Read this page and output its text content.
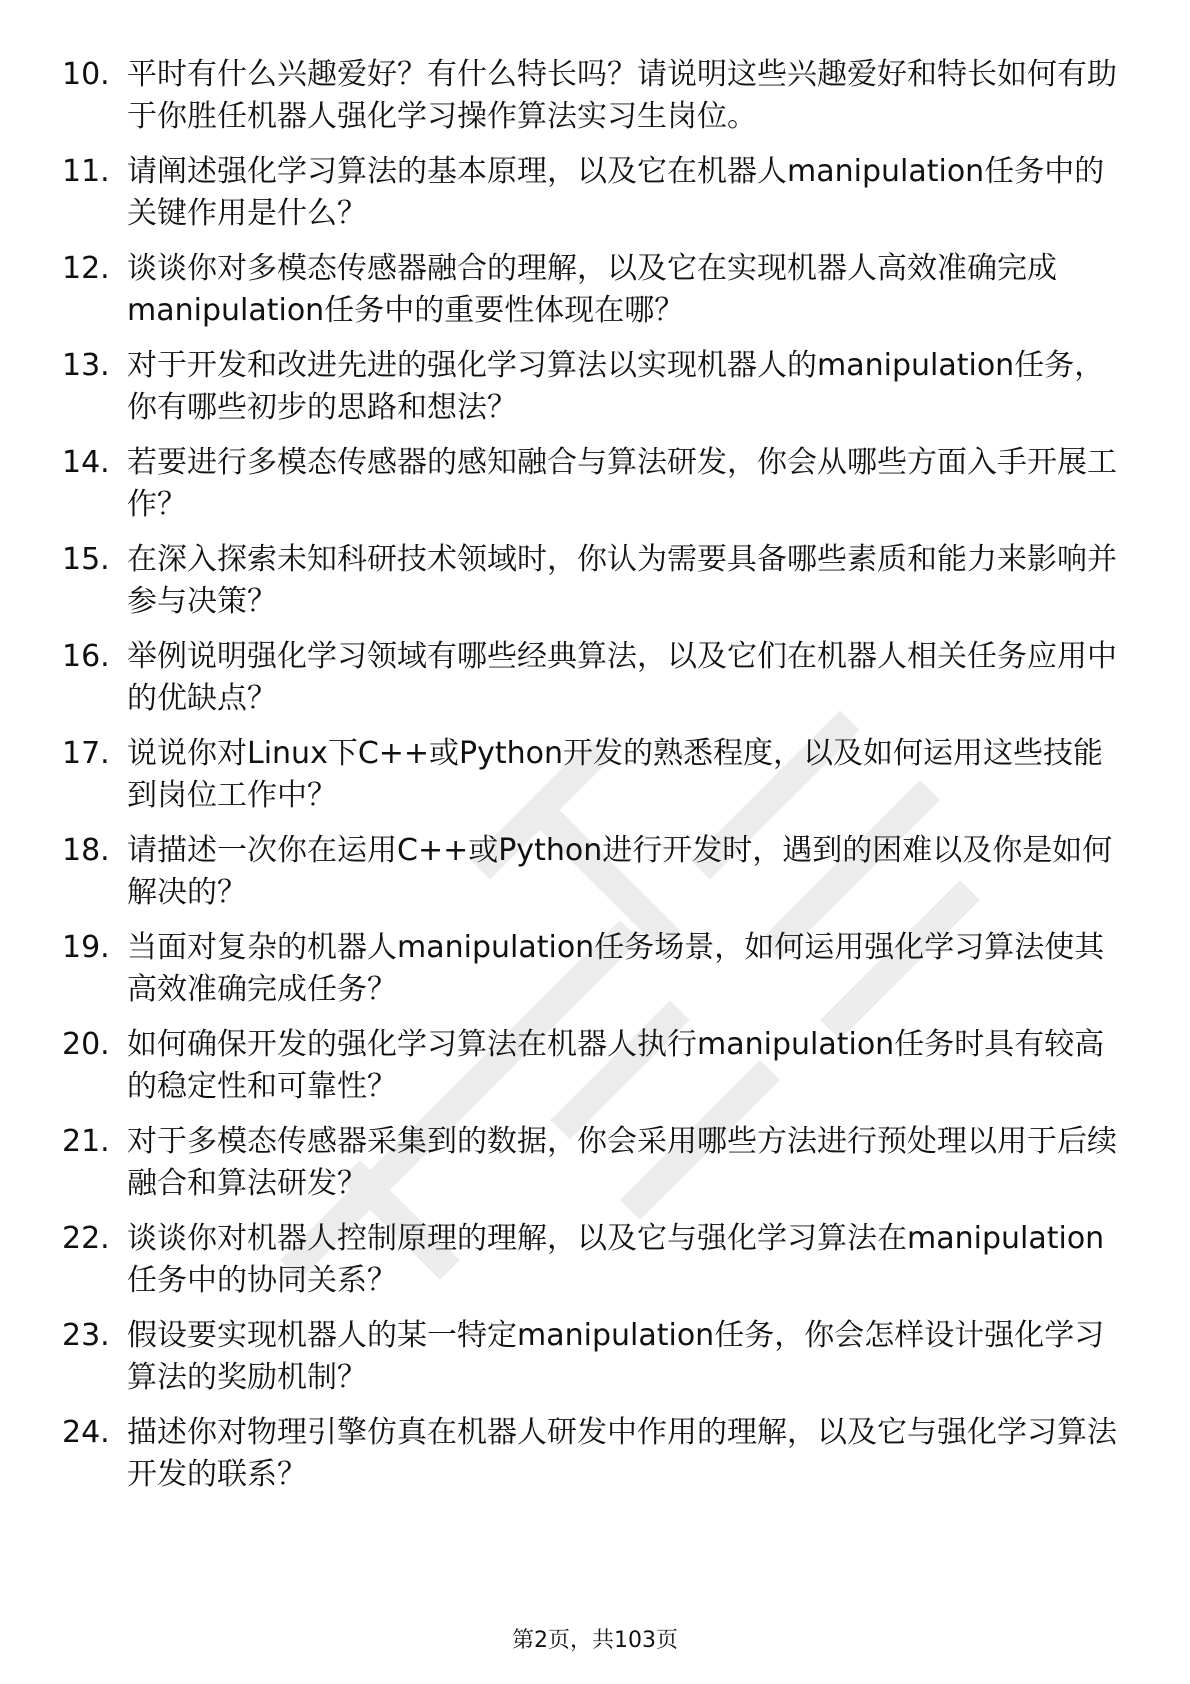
10. 平时有什么兴趣爱好？有什么特长吗？请说明这些兴趣爱好和特长如何有助于你胜任机器人强化学习操作算法实习生岗位。
11. 请阐述强化学习算法的基本原理，以及它在机器人manipulation任务中的关键作用是什么？
12. 谈谈你对多模态传感器融合的理解，以及它在实现机器人高效准确完成manipulation任务中的重要性体现在哪？
13. 对于开发和改进先进的强化学习算法以实现机器人的manipulation任务，你有哪些初步的思路和想法？
14. 若要进行多模态传感器的感知融合与算法研发，你会从哪些方面入手开展工作？
15. 在深入探索未知科研技术领域时，你认为需要具备哪些素质和能力来影响并参与决策？
16. 举例说明强化学习领域有哪些经典算法，以及它们在机器人相关任务应用中的优缺点？
17. 说说你对Linux下C++或Python开发的熟悉程度，以及如何运用这些技能到岗位工作中？
18. 请描述一次你在运用C++或Python进行开发时，遇到的困难以及你是如何解决的？
19. 当面对复杂的机器人manipulation任务场景，如何运用强化学习算法使其高效准确完成任务？
20. 如何确保开发的强化学习算法在机器人执行manipulation任务时具有较高的稳定性和可靠性？
21. 对于多模态传感器采集到的数据，你会采用哪些方法进行预处理以用于后续融合和算法研发？
22. 谈谈你对机器人控制原理的理解，以及它与强化学习算法在manipulation任务中的协同关系？
23. 假设要实现机器人的某一特定manipulation任务，你会怎样设计强化学习算法的奖励机制？
24. 描述你对物理引擎仿真在机器人研发中作用的理解，以及它与强化学习算法开发的联系？
第2页，共103页
